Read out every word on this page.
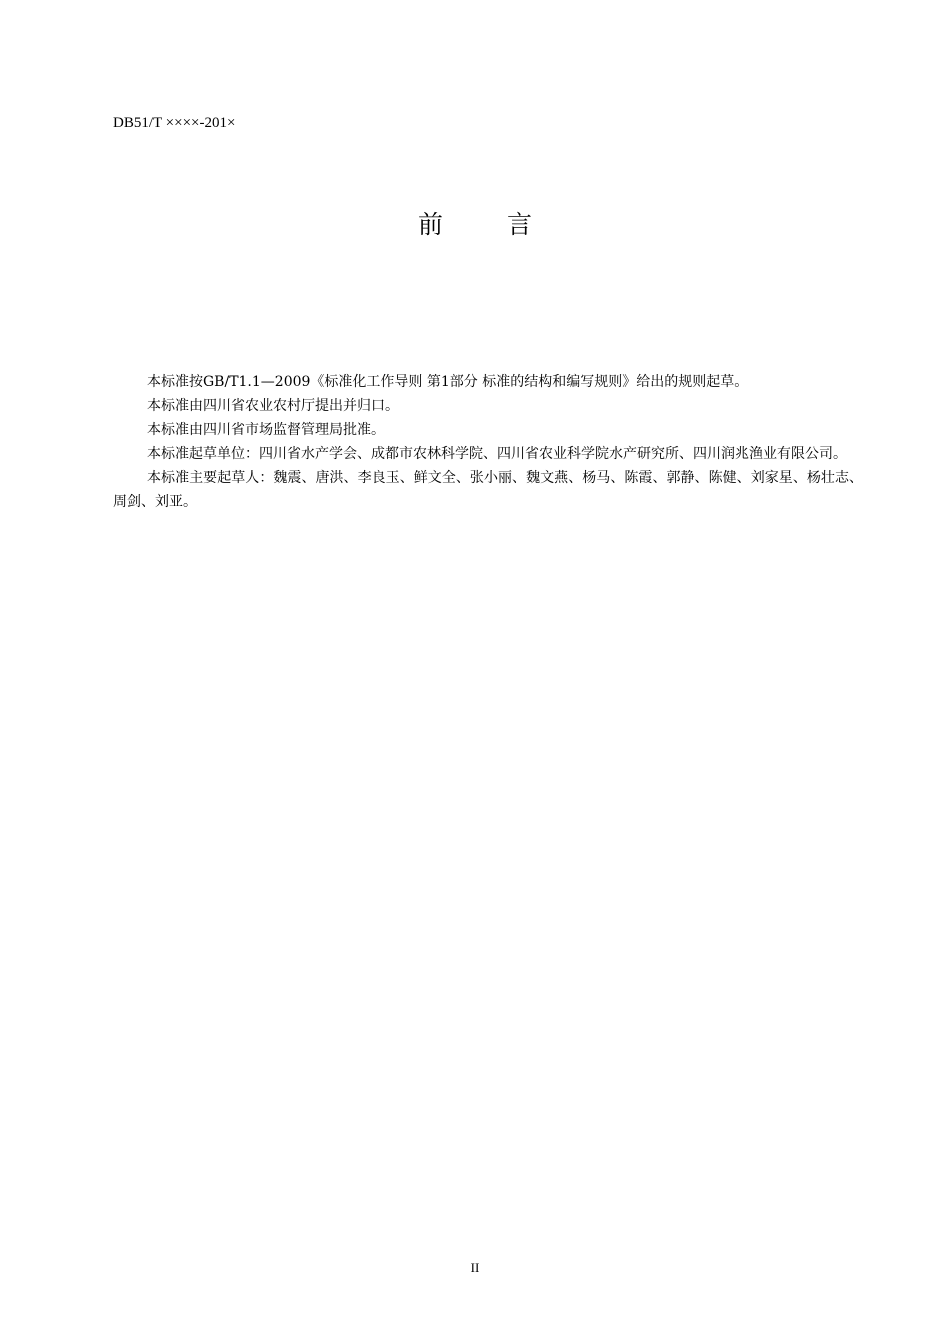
DB51/T ××××-201×
前 言

本标准按GB/T1.1—2009《标准化工作导则 第1部分 标准的结构和编写规则》给出的规则起草。

本标准由四川省农业农村厅提出并归口。

本标准由四川省市场监督管理局批准。

本标准起草单位：四川省水产学会、成都市农林科学院、四川省农业科学院水产研究所、四川润兆渔业有限公司。

本标准主要起草人：魏震、唐洪、李良玉、鲜文全、张小丽、魏文燕、杨马、陈霞、郭静、陈健、刘家星、杨壮志、周剑、刘亚。

II
